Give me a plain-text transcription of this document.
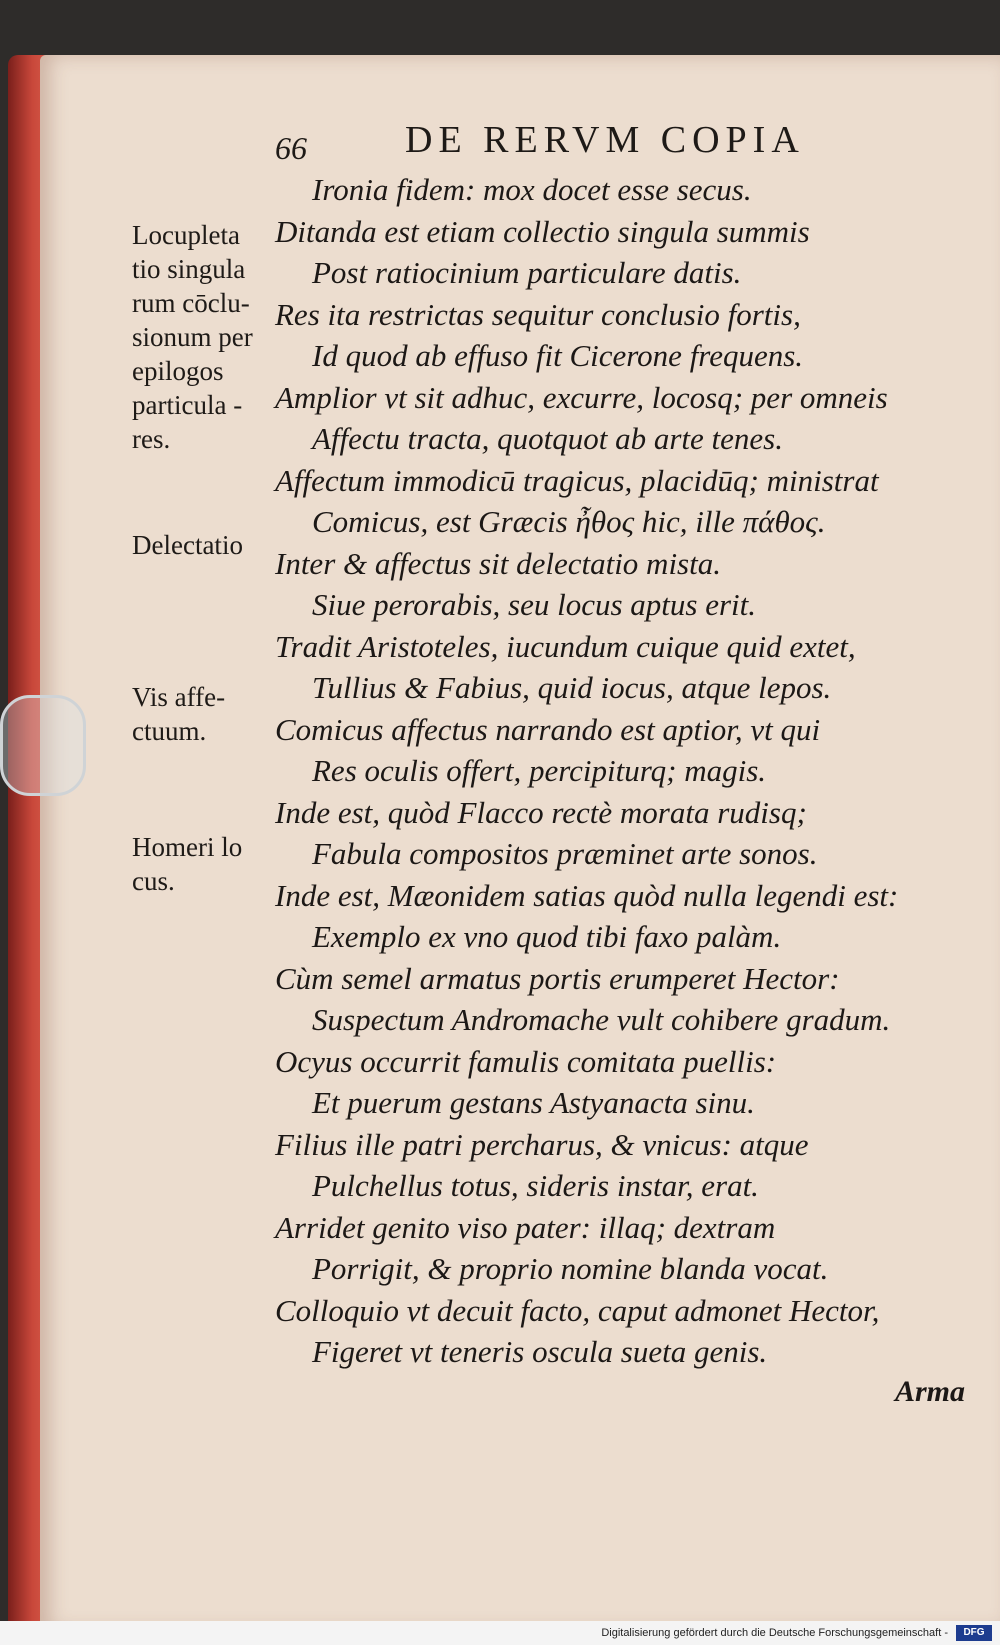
66	DE RERVM COPIA
Locupleta
tio singula
rum cōclu-
sionum per
epilogos
particula -
res.
Delectatio
Vis affe-
ctuum.
Homeri lo
cus.
Ironia fidem: mox docet esse secus.
Ditanda est etiam collectio singula summis
Post ratiocinium particulare datis.
Res ita restrictas sequitur conclusio fortis,
Id quod ab effuso fit Cicerone frequens.
Amplior vt sit adhuc, excurre, locosq; per omneis
Affectu tracta, quotquot ab arte tenes.
Affectum immodicū tragicus, placidūq; ministrat
Comicus, est Græcis ἦθος hic, ille πάθος.
Inter & affectus sit delectatio mista.
Siue perorabis, seu locus aptus erit.
Tradit Aristoteles, iucundum cuique quid extet,
Tullius & Fabius, quid iocus, atque lepos.
Comicus affectus narrando est aptior, vt qui
Res oculis offert, percipiturq; magis.
Inde est, quòd Flacco rectè morata rudisq;
Fabula compositos præminet arte sonos.
Inde est, Mæonidem satias quòd nulla legendi est:
Exemplo ex vno quod tibi faxo palàm.
Cùm semel armatus portis erumperet Hector:
Suspectum Andromache vult cohibere gradum.
Ocyus occurrit famulis comitata puellis:
Et puerum gestans Astyanacta sinu.
Filius ille patri percharus, & vnicus: atque
Pulchellus totus, sideris instar, erat.
Arridet genito viso pater: illaq; dextram
Porrigit, & proprio nomine blanda vocat.
Colloquio vt decuit facto, caput admonet Hector,
Figeret vt teneris oscula sueta genis.
Arma
Digitalisierung gefördert durch die Deutsche Forschungsgemeinschaft -	DFG
